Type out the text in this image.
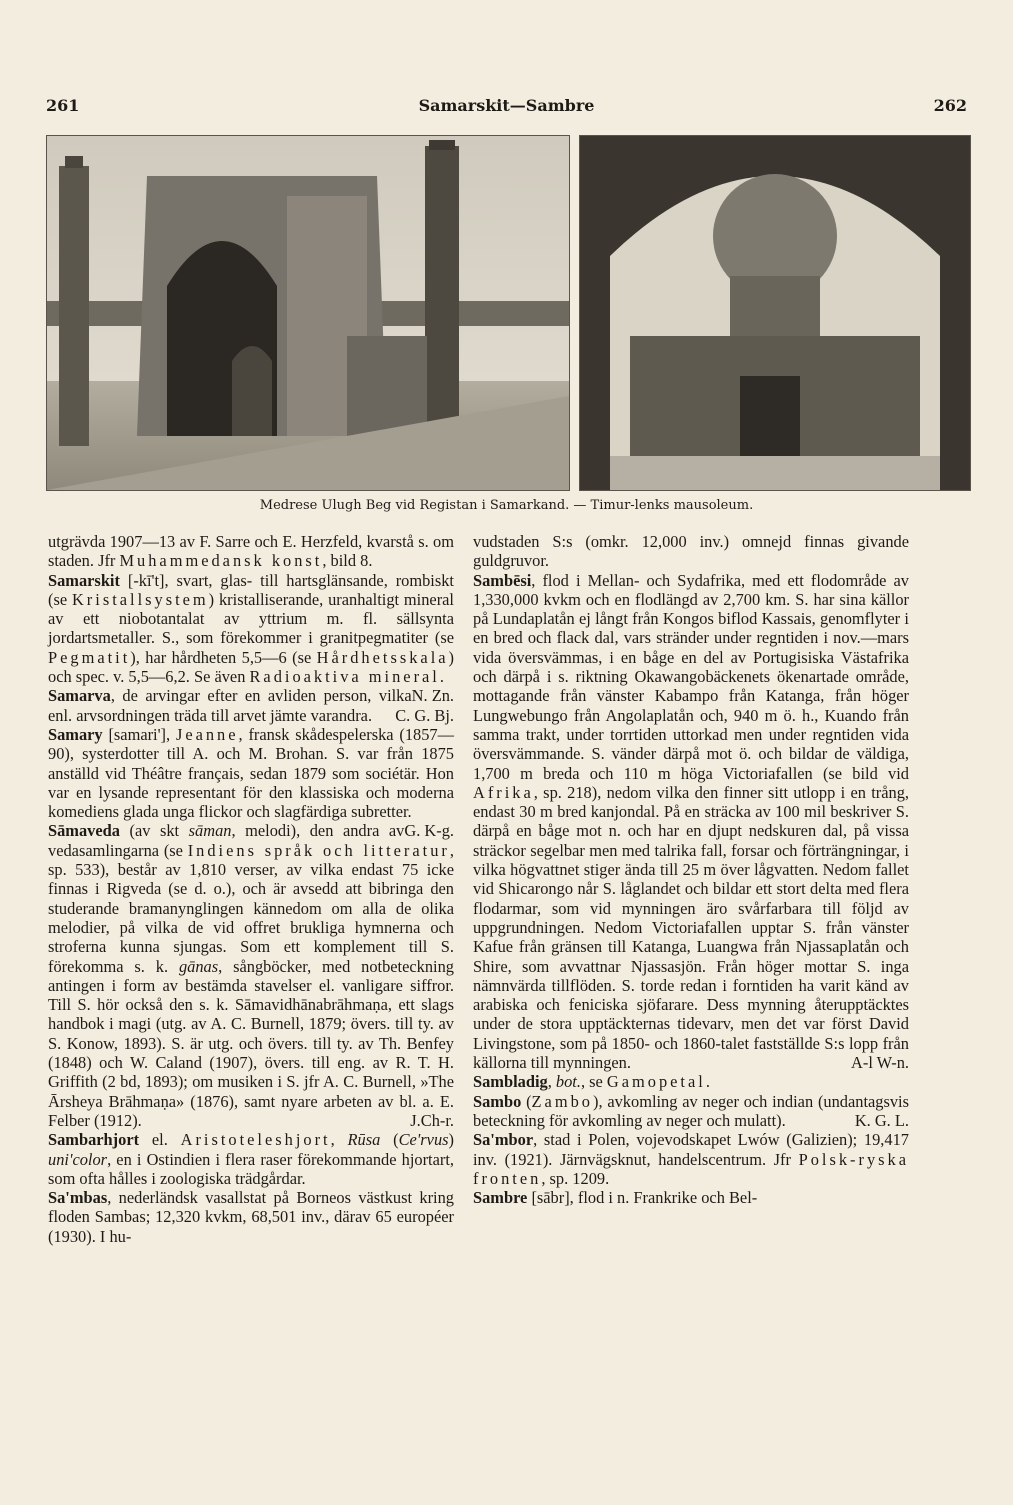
261	Samarskit—Sambre	262
Medrese Ulugh Beg vid Registan i Samarkand. — Timur-lenks mausoleum.

utgrävda 1907—13 av F. Sarre och E. Herzfeld, kvarstå s. om staden. Jfr Muhammedansk konst, bild 8.

Samarskit [-kī't], svart, glas- till hartsglänsande, rombiskt (se Kristallsystem) kristalliserande, uranhaltigt mineral av ett niobotantalat av yttrium m. fl. sällsynta jordartsmetaller. S., som förekommer i granitpegmatiter (se Pegmatit), har hårdheten 5,5—6 (se Hårdhetsskala) och spec. v. 5,5—6,2. Se även Radioaktiva mineral.
N. Zn.

Samarva, de arvingar efter en avliden person, vilka enl. arvsordningen träda till arvet jämte varandra. C. G. Bj.

Samary [samari'], Jeanne, fransk skådespelerska (1857—90), systerdotter till A. och M. Brohan. S. var från 1875 anställd vid Théâtre français, sedan 1879 som sociétär. Hon var en lysande representant för den klassiska och moderna komediens glada unga flickor och slagfärdiga subretter.
G. K-g.

Sāmaveda (av skt sāman, melodi), den andra av vedasamlingarna (se Indiens språk och litteratur, sp. 533), består av 1,810 verser, av vilka endast 75 icke finnas i Rigveda (se d. o.), och är avsedd att bibringa den studerande bramanynglingen kännedom om alla de olika melodier, på vilka de vid offret brukliga hymnerna och stroferna kunna sjungas. Som ett komplement till S. förekomma s. k. gānas, sångböcker, med notbeteckning antingen i form av bestämda stavelser el. vanligare siffror. Till S. hör också den s. k. Sāmavidhānabrāhmaṇa, ett slags handbok i magi (utg. av A. C. Burnell, 1879; övers. till ty. av S. Konow, 1893). S. är utg. och övers. till ty. av Th. Benfey (1848) och W. Caland (1907), övers. till eng. av R. T. H. Griffith (2 bd, 1893); om musiken i S. jfr A. C. Burnell, »The Ārsheya Brāhmaṇa» (1876), samt nyare arbeten av bl. a. E. Felber (1912).	J.Ch-r.

Sambarhjort el. Aristoteleshjort, Rūsa (Ce'rvus) uni'color, en i Ostindien i flera raser förekommande hjortart, som ofta hålles i zoologiska trädgårdar.

Sa'mbas, nederländsk vasallstat på Borneos västkust kring floden Sambas; 12,320 kvkm, 68,501 inv., därav 65 européer (1930). I hu-

vudstaden S:s (omkr. 12,000 inv.) omnejd finnas givande guldgruvor.

Sambēsi, flod i Mellan- och Sydafrika, med ett flodområde av 1,330,000 kvkm och en flodlängd av 2,700 km. S. har sina källor på Lundaplatån ej långt från Kongos biflod Kassais, genomflyter i en bred och flack dal, vars stränder under regntiden i nov.—mars vida översvämmas, i en båge en del av Portugisiska Västafrika och därpå i s. riktning Okawangobäckenets ökenartade område, mottagande från vänster Kabampo från Katanga, från höger Lungwebungo från Angolaplatån och, 940 m ö. h., Kuando från samma trakt, under torrtiden uttorkad men under regntiden vida översvämmande. S. vänder därpå mot ö. och bildar de väldiga, 1,700 m breda och 110 m höga Victoriafallen (se bild vid Afrika, sp. 218), nedom vilka den finner sitt utlopp i en trång, endast 30 m bred kanjondal. På en sträcka av 100 mil beskriver S. därpå en båge mot n. och har en djupt nedskuren dal, på vissa sträckor segelbar men med talrika fall, forsar och förträngningar, i vilka högvattnet stiger ända till 25 m över lågvatten. Nedom fallet vid Shicarongo når S. låglandet och bildar ett stort delta med flera flodarmar, som vid mynningen äro svårfarbara till följd av uppgrundningen. Nedom Victoriafallen upptar S. från vänster Kafue från gränsen till Katanga, Luangwa från Njassaplatån och Shire, som avvattnar Njassasjön. Från höger mottar S. inga nämnvärda tillflöden. S. torde redan i forntiden ha varit känd av arabiska och feniciska sjöfarare. Dess mynning återupptäcktes under de stora upptäckternas tidevarv, men det var först David Livingstone, som på 1850- och 1860-talet fastställde S:s lopp från källorna till mynningen.	A-l W-n.

Sambladig, bot., se Gamopetal.

Sambo (Zambo), avkomling av neger och indian (undantagsvis beteckning för avkomling av neger och mulatt).	K. G. L.

Sa'mbor, stad i Polen, vojevodskapet Lwów (Galizien); 19,417 inv. (1921). Järnvägsknut, handelscentrum. Jfr Polsk-ryska fronten, sp. 1209.

Sambre [sābr], flod i n. Frankrike och Bel-
